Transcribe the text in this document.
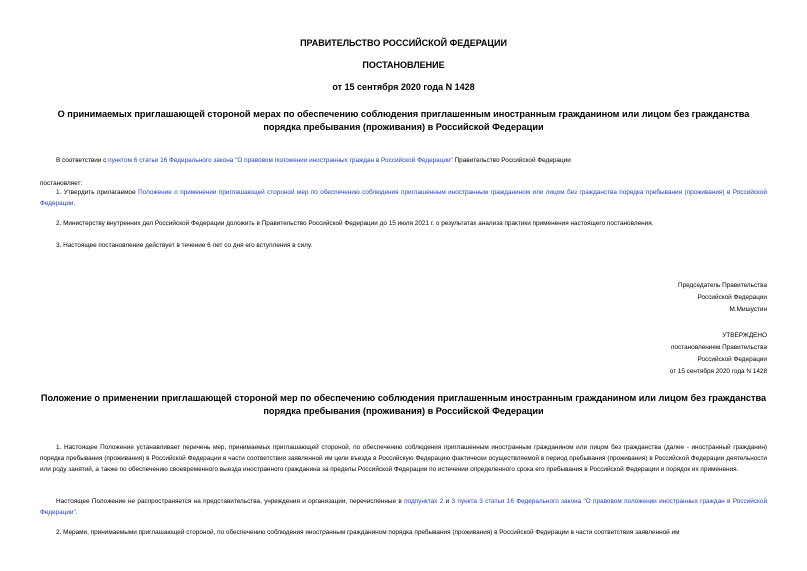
ПРАВИТЕЛЬСТВО РОССИЙСКОЙ ФЕДЕРАЦИИ
ПОСТАНОВЛЕНИЕ
от 15 сентября 2020 года N 1428
О принимаемых приглашающей стороной мерах по обеспечению соблюдения приглашенным иностранным гражданином или лицом без гражданства порядка пребывания (проживания) в Российской Федерации
В соответствии с пунктом 6 статьи 16 Федерального закона "О правовом положении иностранных граждан в Российской Федерации" Правительство Российской Федерации
постановляет:
1. Утвердить прилагаемое Положение о применении приглашающей стороной мер по обеспечению соблюдения приглашенным иностранным гражданином или лицом без гражданства порядка пребывания (проживания) в Российской Федерации.
2. Министерству внутренних дел Российской Федерации доложить в Правительство Российской Федерации до 15 июля 2021 г. о результатах анализа практики применения настоящего постановления.
3. Настоящее постановление действует в течение 6 лет со дня его вступления в силу.
Председатель Правительства
Российской Федерации
М.Мишустин
УТВЕРЖДЕНО
постановлением Правительства
Российской Федерации
от 15 сентября 2020 года N 1428
Положение о применении приглашающей стороной мер по обеспечению соблюдения приглашенным иностранным гражданином или лицом без гражданства порядка пребывания (проживания) в Российской Федерации
1. Настоящее Положение устанавливает перечень мер, принимаемых приглашающей стороной, по обеспечению соблюдения приглашенным иностранным гражданином или лицом без гражданства (далее - иностранный гражданин) порядка пребывания (проживания) в Российской Федерации в части соответствия заявленной им цели въезда в Российскую Федерацию фактически осуществляемой в период пребывания (проживания) в Российской Федерации деятельности или роду занятий, а также по обеспечению своевременного выезда иностранного гражданина за пределы Российской Федерации по истечении определенного срока его пребывания в Российской Федерации и порядок их применения.
Настоящее Положение не распространяется на представительства, учреждения и организации, перечисленные в подпунктах 2 и 3 пункта 3 статьи 16 Федерального закона "О правовом положении иностранных граждан в Российской Федерации".
2. Мерами, принимаемыми приглашающей стороной, по обеспечению соблюдения иностранным гражданином порядка пребывания (проживания) в Российской Федерации в части соответствия заявленной им
